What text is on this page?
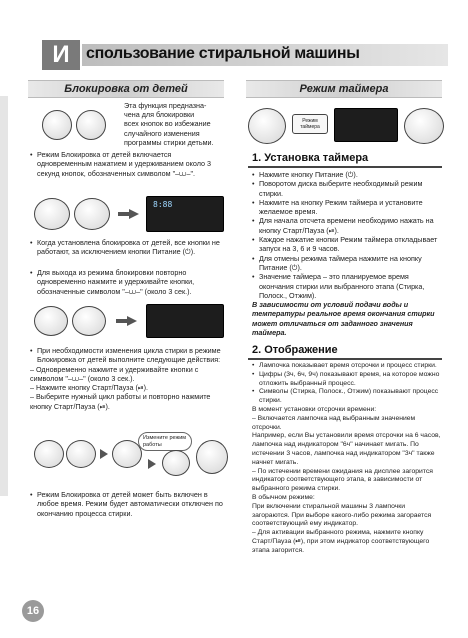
И	спользование стиральной машины
Блокировка от детей
Эта функция предназна-
чена для блокировки
всех кнопок во избежание
случайного изменения
программы стирки детьми.

• Режим Блокировка от детей включается одновременным нажатием и удерживанием около 3 секунд кнопок, обозначенных символом "–⩊–".

8:88

• Когда установлена блокировка от детей, все кнопки не работают, за исключением кнопки Питание (⏻).

• Для выхода из режима блокировки повторно одновременно нажмите и удерживайте кнопки, обозначенные символом "–⩊–" (около 3 сек.).

• При необходимости изменения цикла стирки в режиме Блокировка от детей выполните следующие действия:

– Одновременно нажмите и удерживайте кнопки с символом "–⩊–" (около 3 сек.).

– Нажмите кнопку Старт/Пауза (⏯).

– Выберите нужный цикл работы и повторно нажмите кнопку Старт/Пауза (⏯).

Измените режим работы

• Режим Блокировка от детей может быть включен в любое время. Режим будет автоматически отключен по окончанию процесса стирки.

Режим таймера
Режим таймера
1. Установка таймера

• Нажмите кнопку Питание (⏻).

• Поворотом диска выберите необходимый режим стирки.

• Нажмите на кнопку Режим таймера и установите желаемое время.

• Для начала отсчета времени необходимо нажать на кнопку Старт/Пауза (⏯).

• Каждое нажатие кнопки Режим таймера откладывает запуск на 3, 6 и 9 часов.

• Для отмены режима таймера нажмите на кнопку Питание (⏻).

• Значение таймера – это планируемое время окончания стирки или выбранного этапа (Стирка, Полоск., Отжим).

В зависимости от условий подачи воды и температуры реальное время окончания стирки может отличаться от заданного значения таймера.

2. Отображение

• Лампочка показывает время отсрочки и процесс стирки.

• Цифры (3ч, 6ч, 9ч) показывают время, на которое можно отложить выбранный процесс.

• Символы (Стирка, Полоск., Отжим) показывают процесс стирки.

В момент установки отсрочки времени:

– Включается лампочка над выбранным значением отсрочки.

Например, если Вы установили время отсрочки на 6 часов, лампочка над индикатором "6ч" начинает мигать. По истечении 3 часов, лампочка над индикатором "3ч" также начнет мигать.

– По истечении времени ожидания на дисплее загорится индикатор соответствующего этапа, в зависимости от выбранного режима стирки.

В обычном режиме:

При включении стиральной машины 3 лампочки загораются. При выборе какого-либо режима загорается соответствующий ему индикатор.

– Для активации выбранного режима, нажмите кнопку Старт/Пауза (⏯), при этом индикатор соответствующего этапа загорится.

16
